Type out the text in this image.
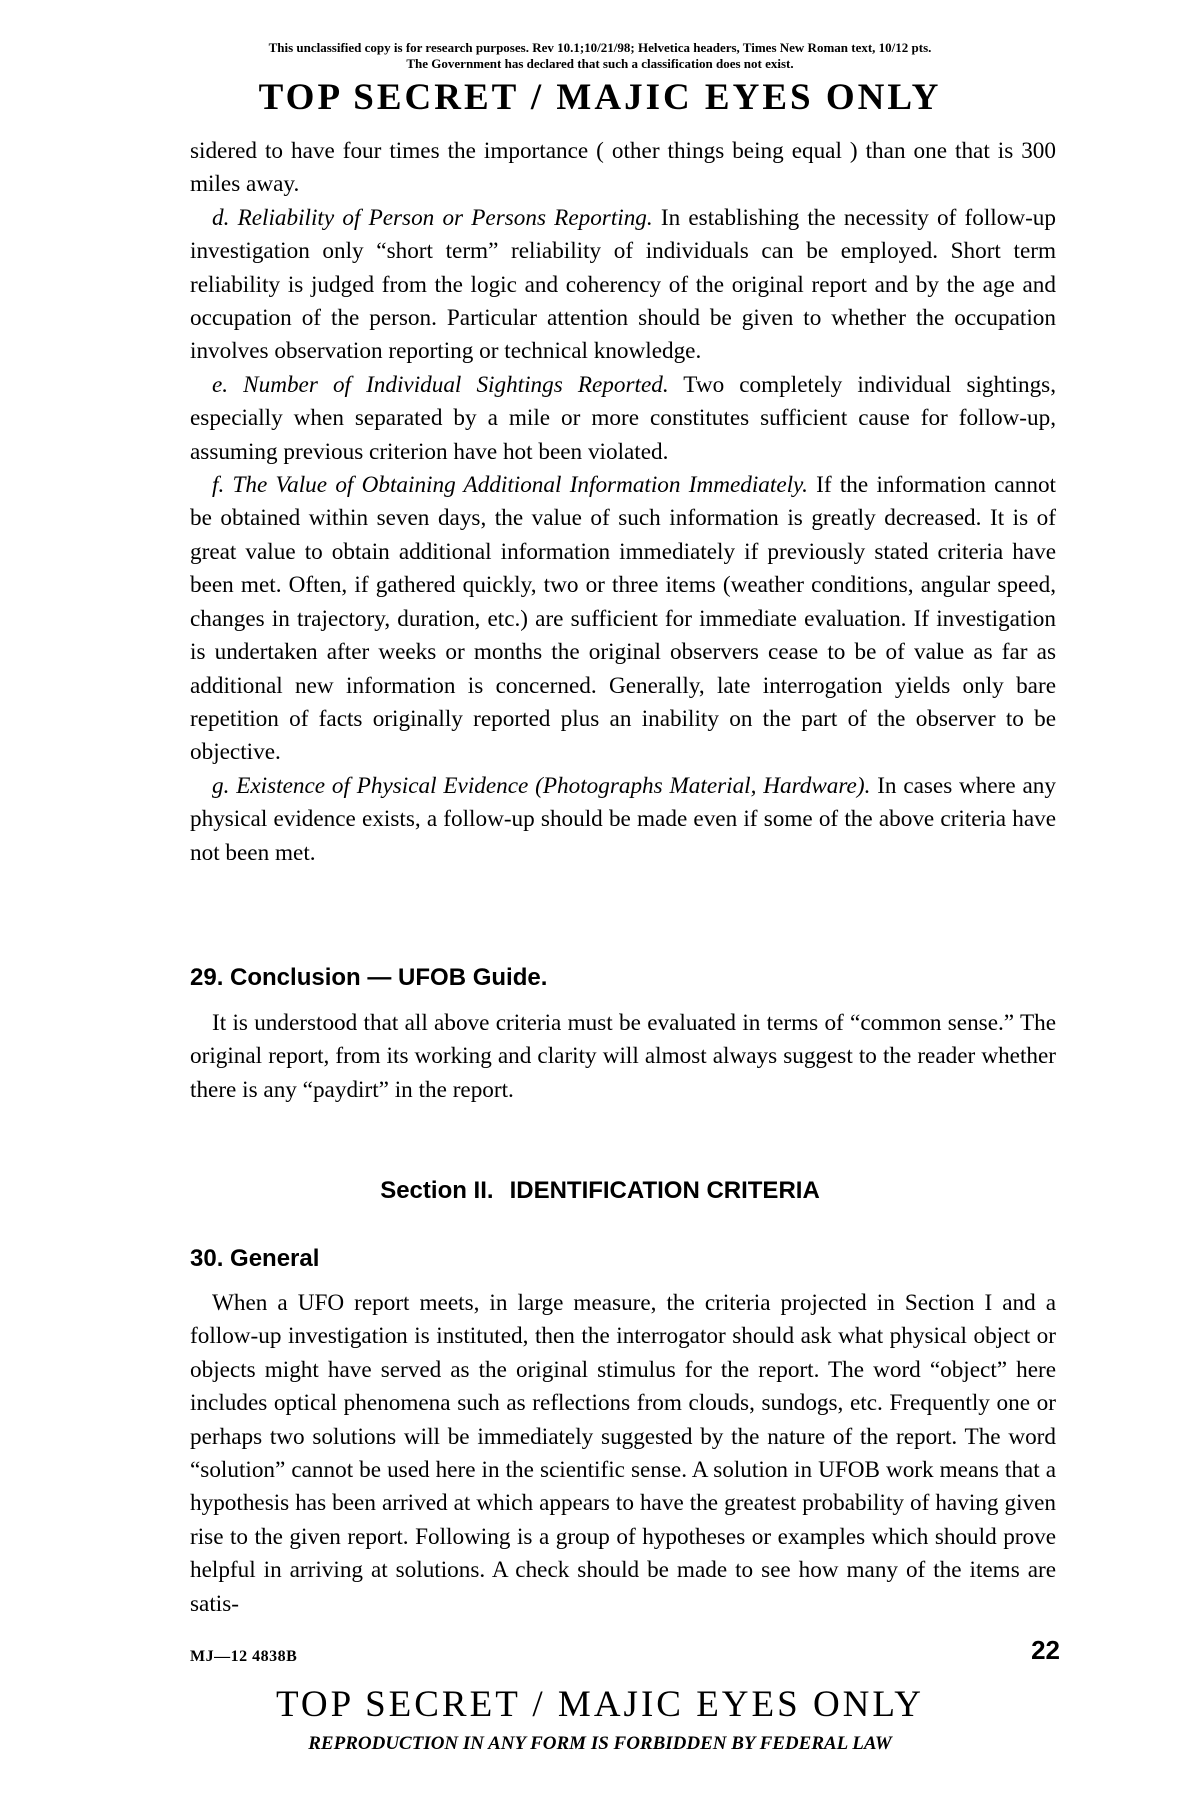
This unclassified copy is for research purposes. Rev 10.1;10/21/98; Helvetica headers, Times New Roman text, 10/12 pts.
The Government has declared that such a classification does not exist.
TOP SECRET / MAJIC EYES ONLY

sidered to have four times the importance ( other things being equal ) than one that is 300 miles away.

d. Reliability of Person or Persons Reporting. In establishing the necessity of follow-up investigation only “short term” reliability of individuals can be employed. Short term reliability is judged from the logic and coherency of the original report and by the age and occupation of the person. Particular attention should be given to whether the occupation involves observation reporting or technical knowledge.

e. Number of Individual Sightings Reported. Two completely individual sightings, especially when separated by a mile or more constitutes sufficient cause for follow-up, assuming previous criterion have hot been violated.

f. The Value of Obtaining Additional Information Immediately. If the information cannot be obtained within seven days, the value of such information is greatly decreased. It is of great value to obtain additional information immediately if previously stated criteria have been met. Often, if gathered quickly, two or three items (weather conditions, angular speed, changes in trajectory, duration, etc.) are sufficient for immediate evaluation. If investigation is undertaken after weeks or months the original observers cease to be of value as far as additional new information is concerned. Generally, late interrogation yields only bare repetition of facts originally reported plus an inability on the part of the observer to be objective.

g. Existence of Physical Evidence (Photographs Material, Hardware). In cases where any physical evidence exists, a follow-up should be made even if some of the above criteria have not been met.

29. Conclusion — UFOB Guide.

It is understood that all above criteria must be evaluated in terms of “common sense.” The original report, from its working and clarity will almost always suggest to the reader whether there is any “paydirt” in the report.

Section II. IDENTIFICATION CRITERIA
30. General

When a UFO report meets, in large measure, the criteria projected in Section I and a follow-up investigation is instituted, then the interrogator should ask what physical object or objects might have served as the original stimulus for the report. The word “object” here includes optical phenomena such as reflections from clouds, sundogs, etc. Frequently one or perhaps two solutions will be immediately suggested by the nature of the report. The word “solution” cannot be used here in the scientific sense. A solution in UFOB work means that a hypothesis has been arrived at which appears to have the greatest probability of having given rise to the given report. Following is a group of hypotheses or examples which should prove helpful in arriving at solutions. A check should be made to see how many of the items are satis-

MJ—12 4838B	22
TOP SECRET / MAJIC EYES ONLY
REPRODUCTION IN ANY FORM IS FORBIDDEN BY FEDERAL LAW
